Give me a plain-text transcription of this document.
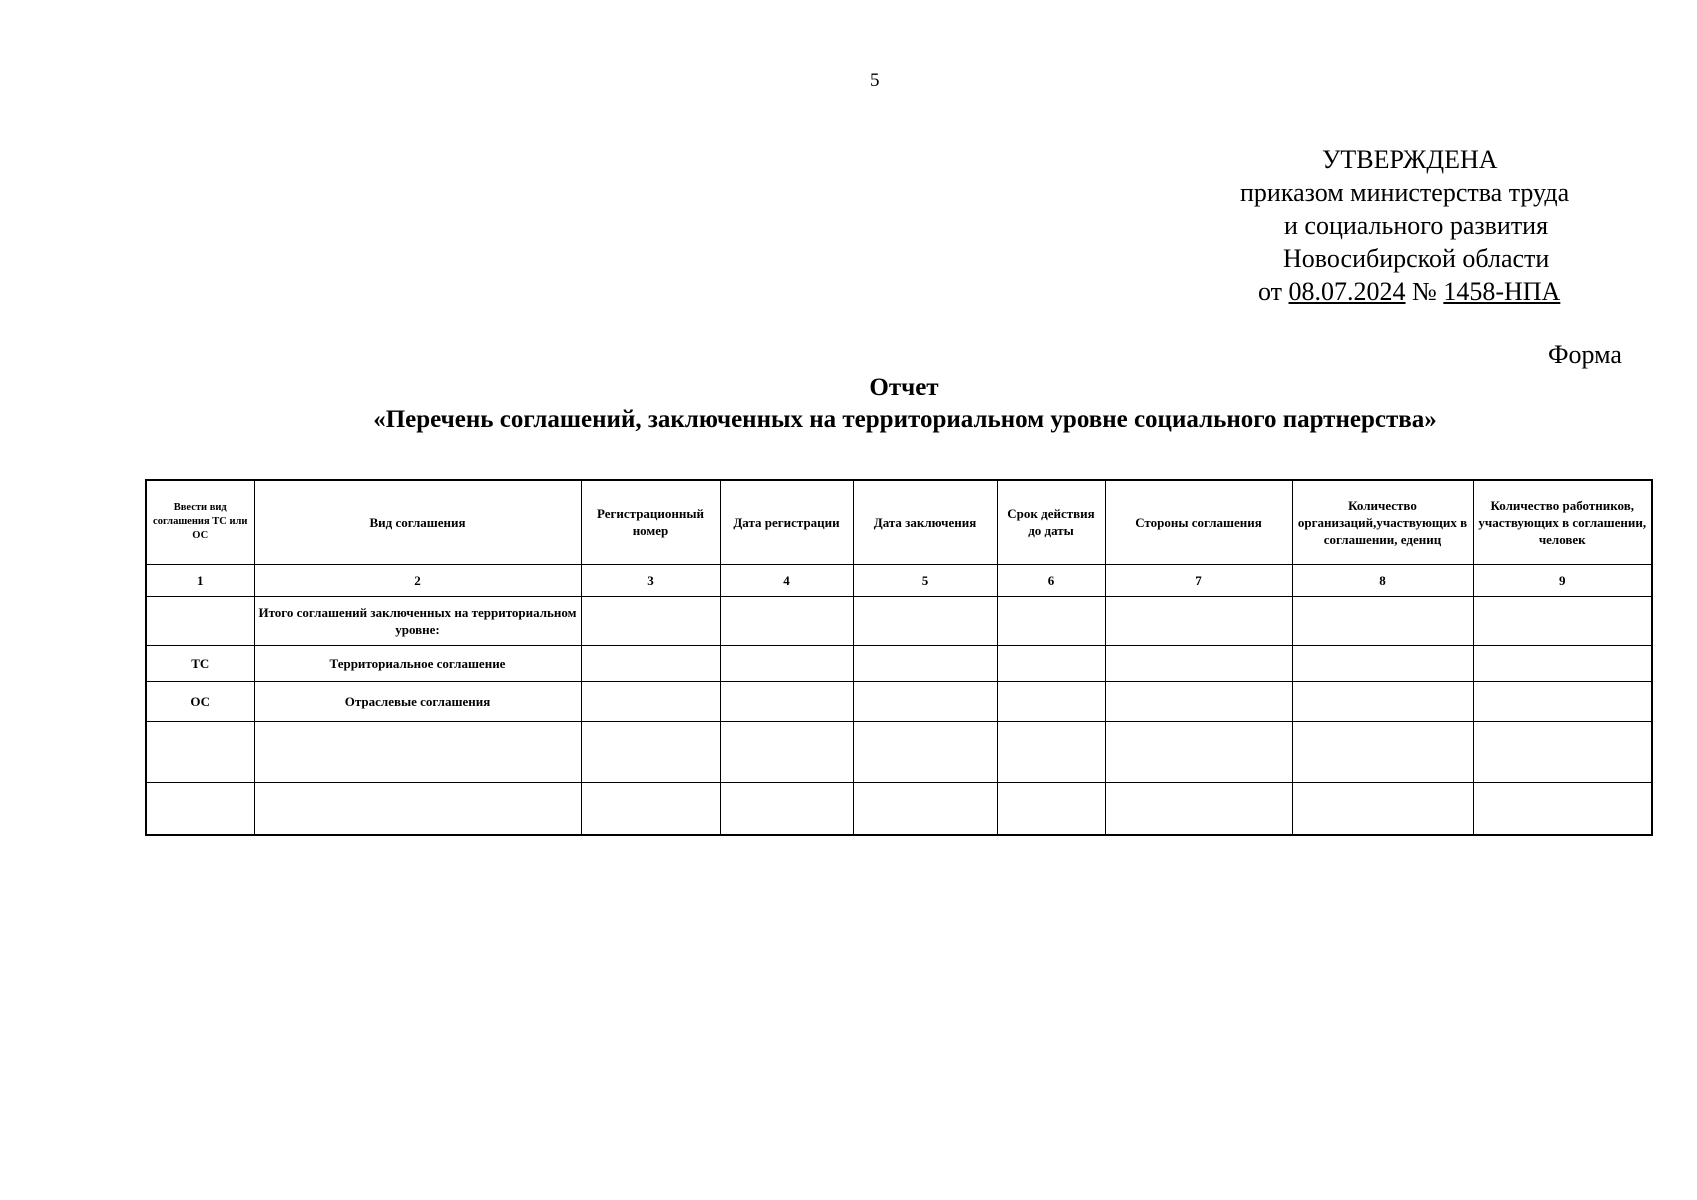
5
УТВЕРЖДЕНА
приказом министерства труда
и социального развития
Новосибирской области
от 08.07.2024 № 1458-НПА
Форма
Отчет
«Перечень соглашений, заключенных на территориальном уровне социального партнерства»
Ввести вид соглашения ТС или ОС	Вид соглашения	Регистрационный номер	Дата регистрации	Дата заключения	Срок действия до даты	Стороны соглашения	Количество организаций,участвующих в соглашении, едениц	Количество работников, участвующих в соглашении, человек
1	2	3	4	5	6	7	8	9
	Итого соглашений заключенных на территориальном уровне:							
ТС	Территориальное соглашение							
ОС	Отраслевые соглашения							
